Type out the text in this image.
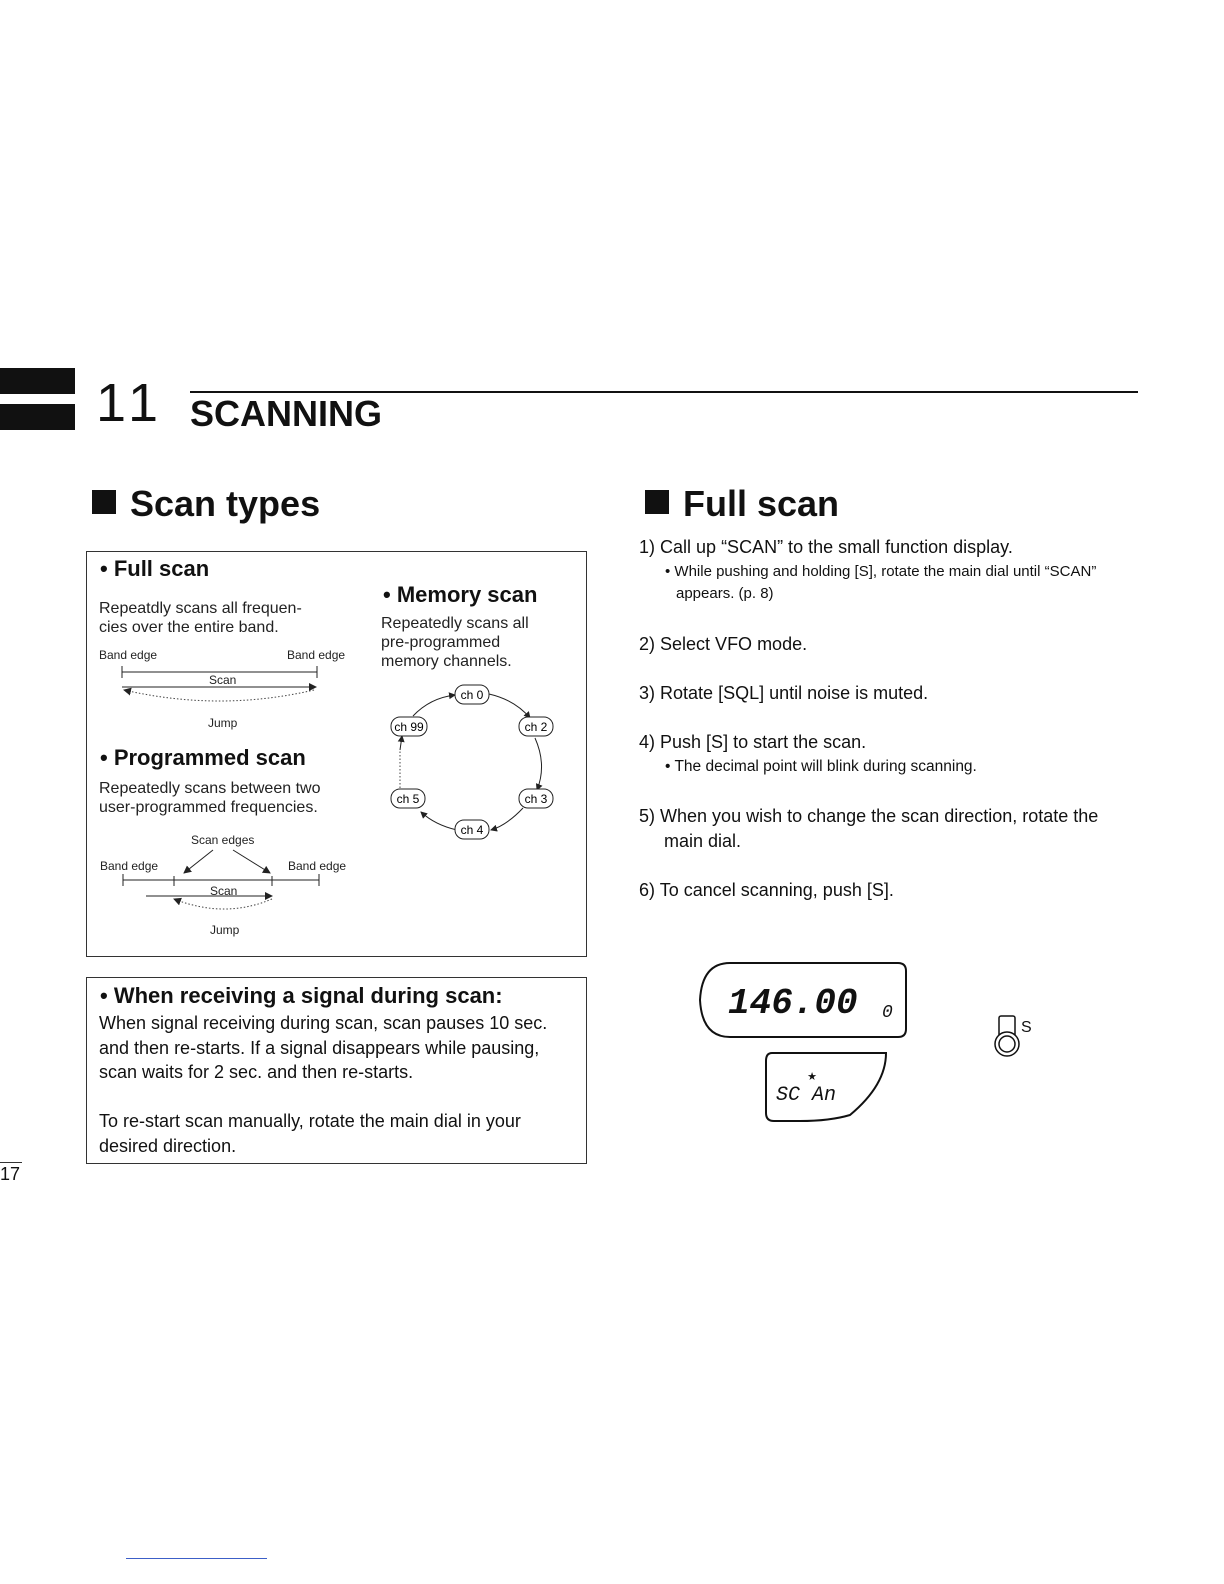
11 SCANNING
Scan types
• Full scan
Repeatdly scans all frequen-
cies over the entire band.
Band edge	Band edge
Scan
Jump
• Programmed scan
Repeatedly scans between two
user-programmed frequencies.
Scan edges
Band edge	Band edge
Scan
Jump
• Memory scan
Repeatedly scans all
pre-programmed
memory channels.
ch 0
ch 2
ch 3
ch 4
ch 5
ch 99
• When receiving a signal during scan:
When signal receiving during scan, scan pauses 10 sec.
and then re-starts. If a signal disappears while pausing,
scan waits for 2 sec. and then re-starts.
To re-start scan manually, rotate the main dial in your
desired direction.
17
Full scan
1) Call up “SCAN” to the small function display.
• While pushing and holding [S], rotate the main dial until “SCAN”
appears. (p. 8)
2) Select VFO mode.
3) Rotate [SQL] until noise is muted.
4) Push [S] to start the scan.
• The decimal point will blink during scanning.
5) When you wish to change the scan direction, rotate the
main dial.
6) To cancel scanning, push [S].
146.00 0
★
SC An
S
